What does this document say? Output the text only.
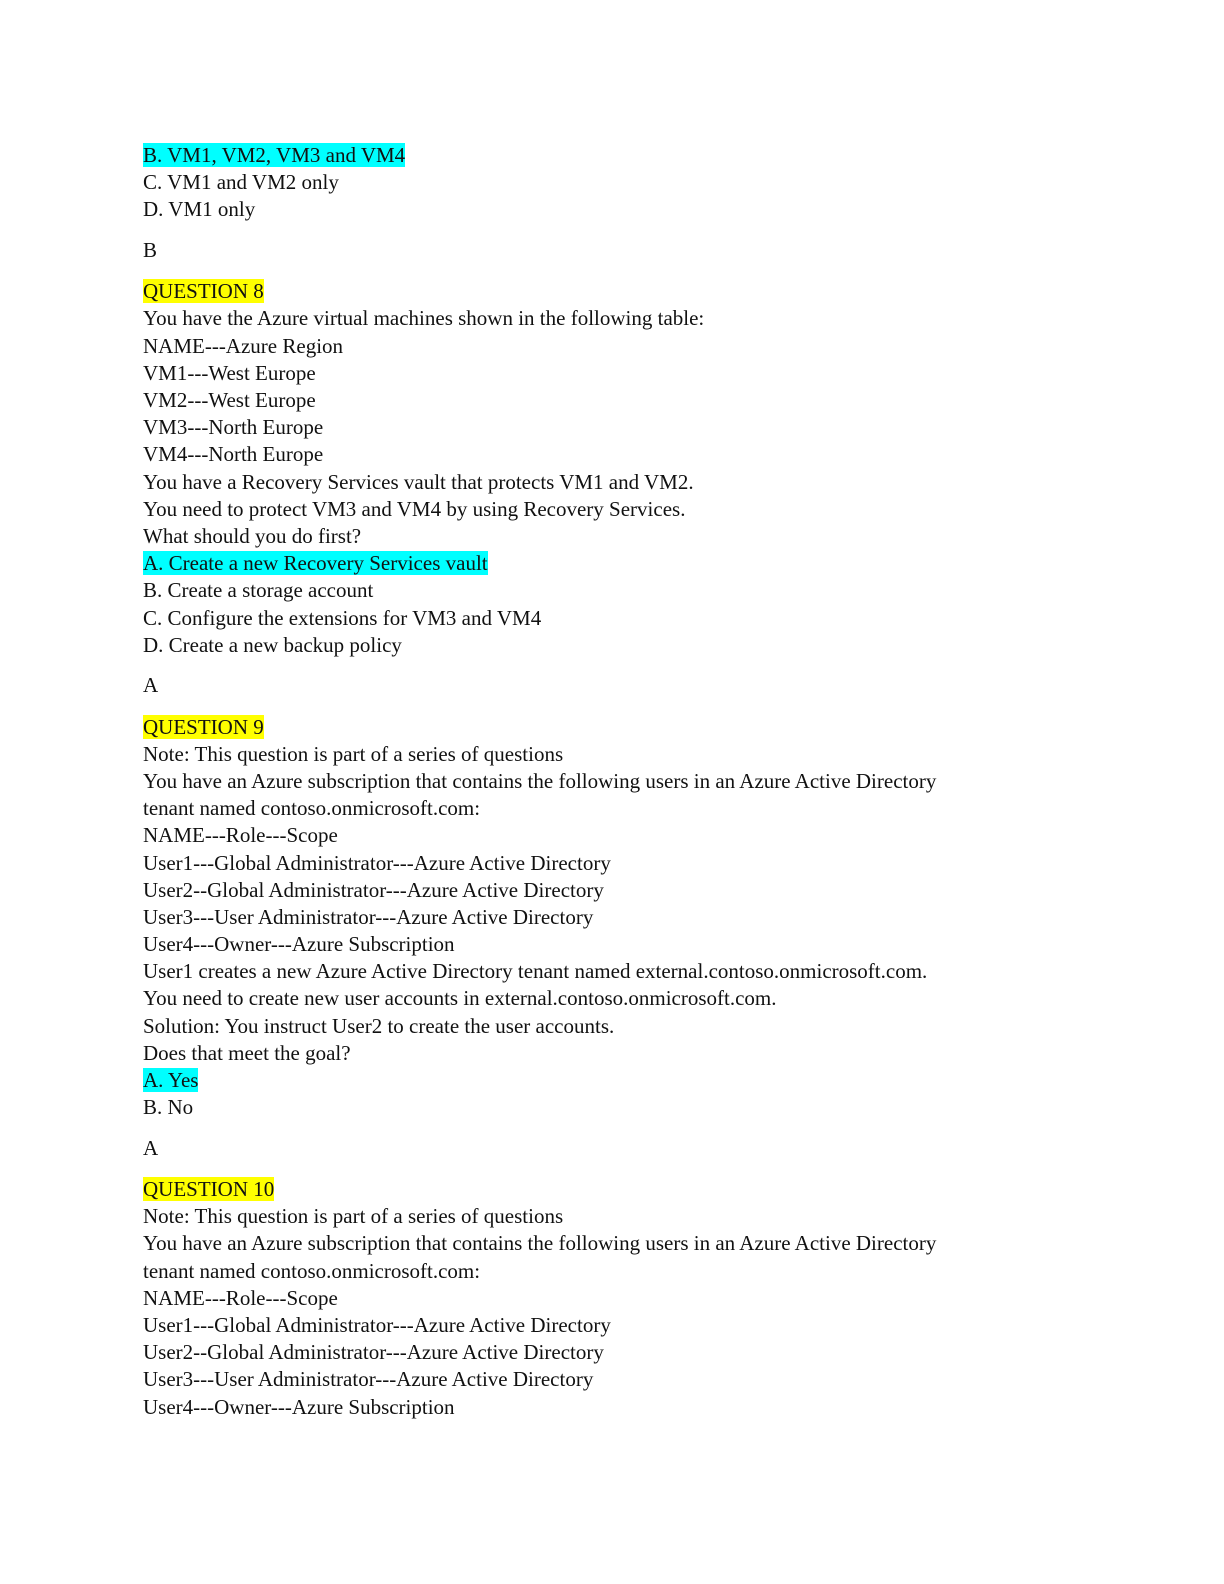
B. VM1, VM2, VM3 and VM4
C. VM1 and VM2 only
D. VM1 only
B
QUESTION 8
You have the Azure virtual machines shown in the following table:
NAME---Azure Region
VM1---West Europe
VM2---West Europe
VM3---North Europe
VM4---North Europe
You have a Recovery Services vault that protects VM1 and VM2.
You need to protect VM3 and VM4 by using Recovery Services.
What should you do first?
A. Create a new Recovery Services vault
B. Create a storage account
C. Configure the extensions for VM3 and VM4
D. Create a new backup policy
A
QUESTION 9
Note: This question is part of a series of questions
You have an Azure subscription that contains the following users in an Azure Active Directory
tenant named contoso.onmicrosoft.com:
NAME---Role---Scope
User1---Global Administrator---Azure Active Directory
User2--Global Administrator---Azure Active Directory
User3---User Administrator---Azure Active Directory
User4---Owner---Azure Subscription
User1 creates a new Azure Active Directory tenant named external.contoso.onmicrosoft.com.
You need to create new user accounts in external.contoso.onmicrosoft.com.
Solution: You instruct User2 to create the user accounts.
Does that meet the goal?
A. Yes
B. No
A
QUESTION 10
Note: This question is part of a series of questions
You have an Azure subscription that contains the following users in an Azure Active Directory
tenant named contoso.onmicrosoft.com:
NAME---Role---Scope
User1---Global Administrator---Azure Active Directory
User2--Global Administrator---Azure Active Directory
User3---User Administrator---Azure Active Directory
User4---Owner---Azure Subscription
